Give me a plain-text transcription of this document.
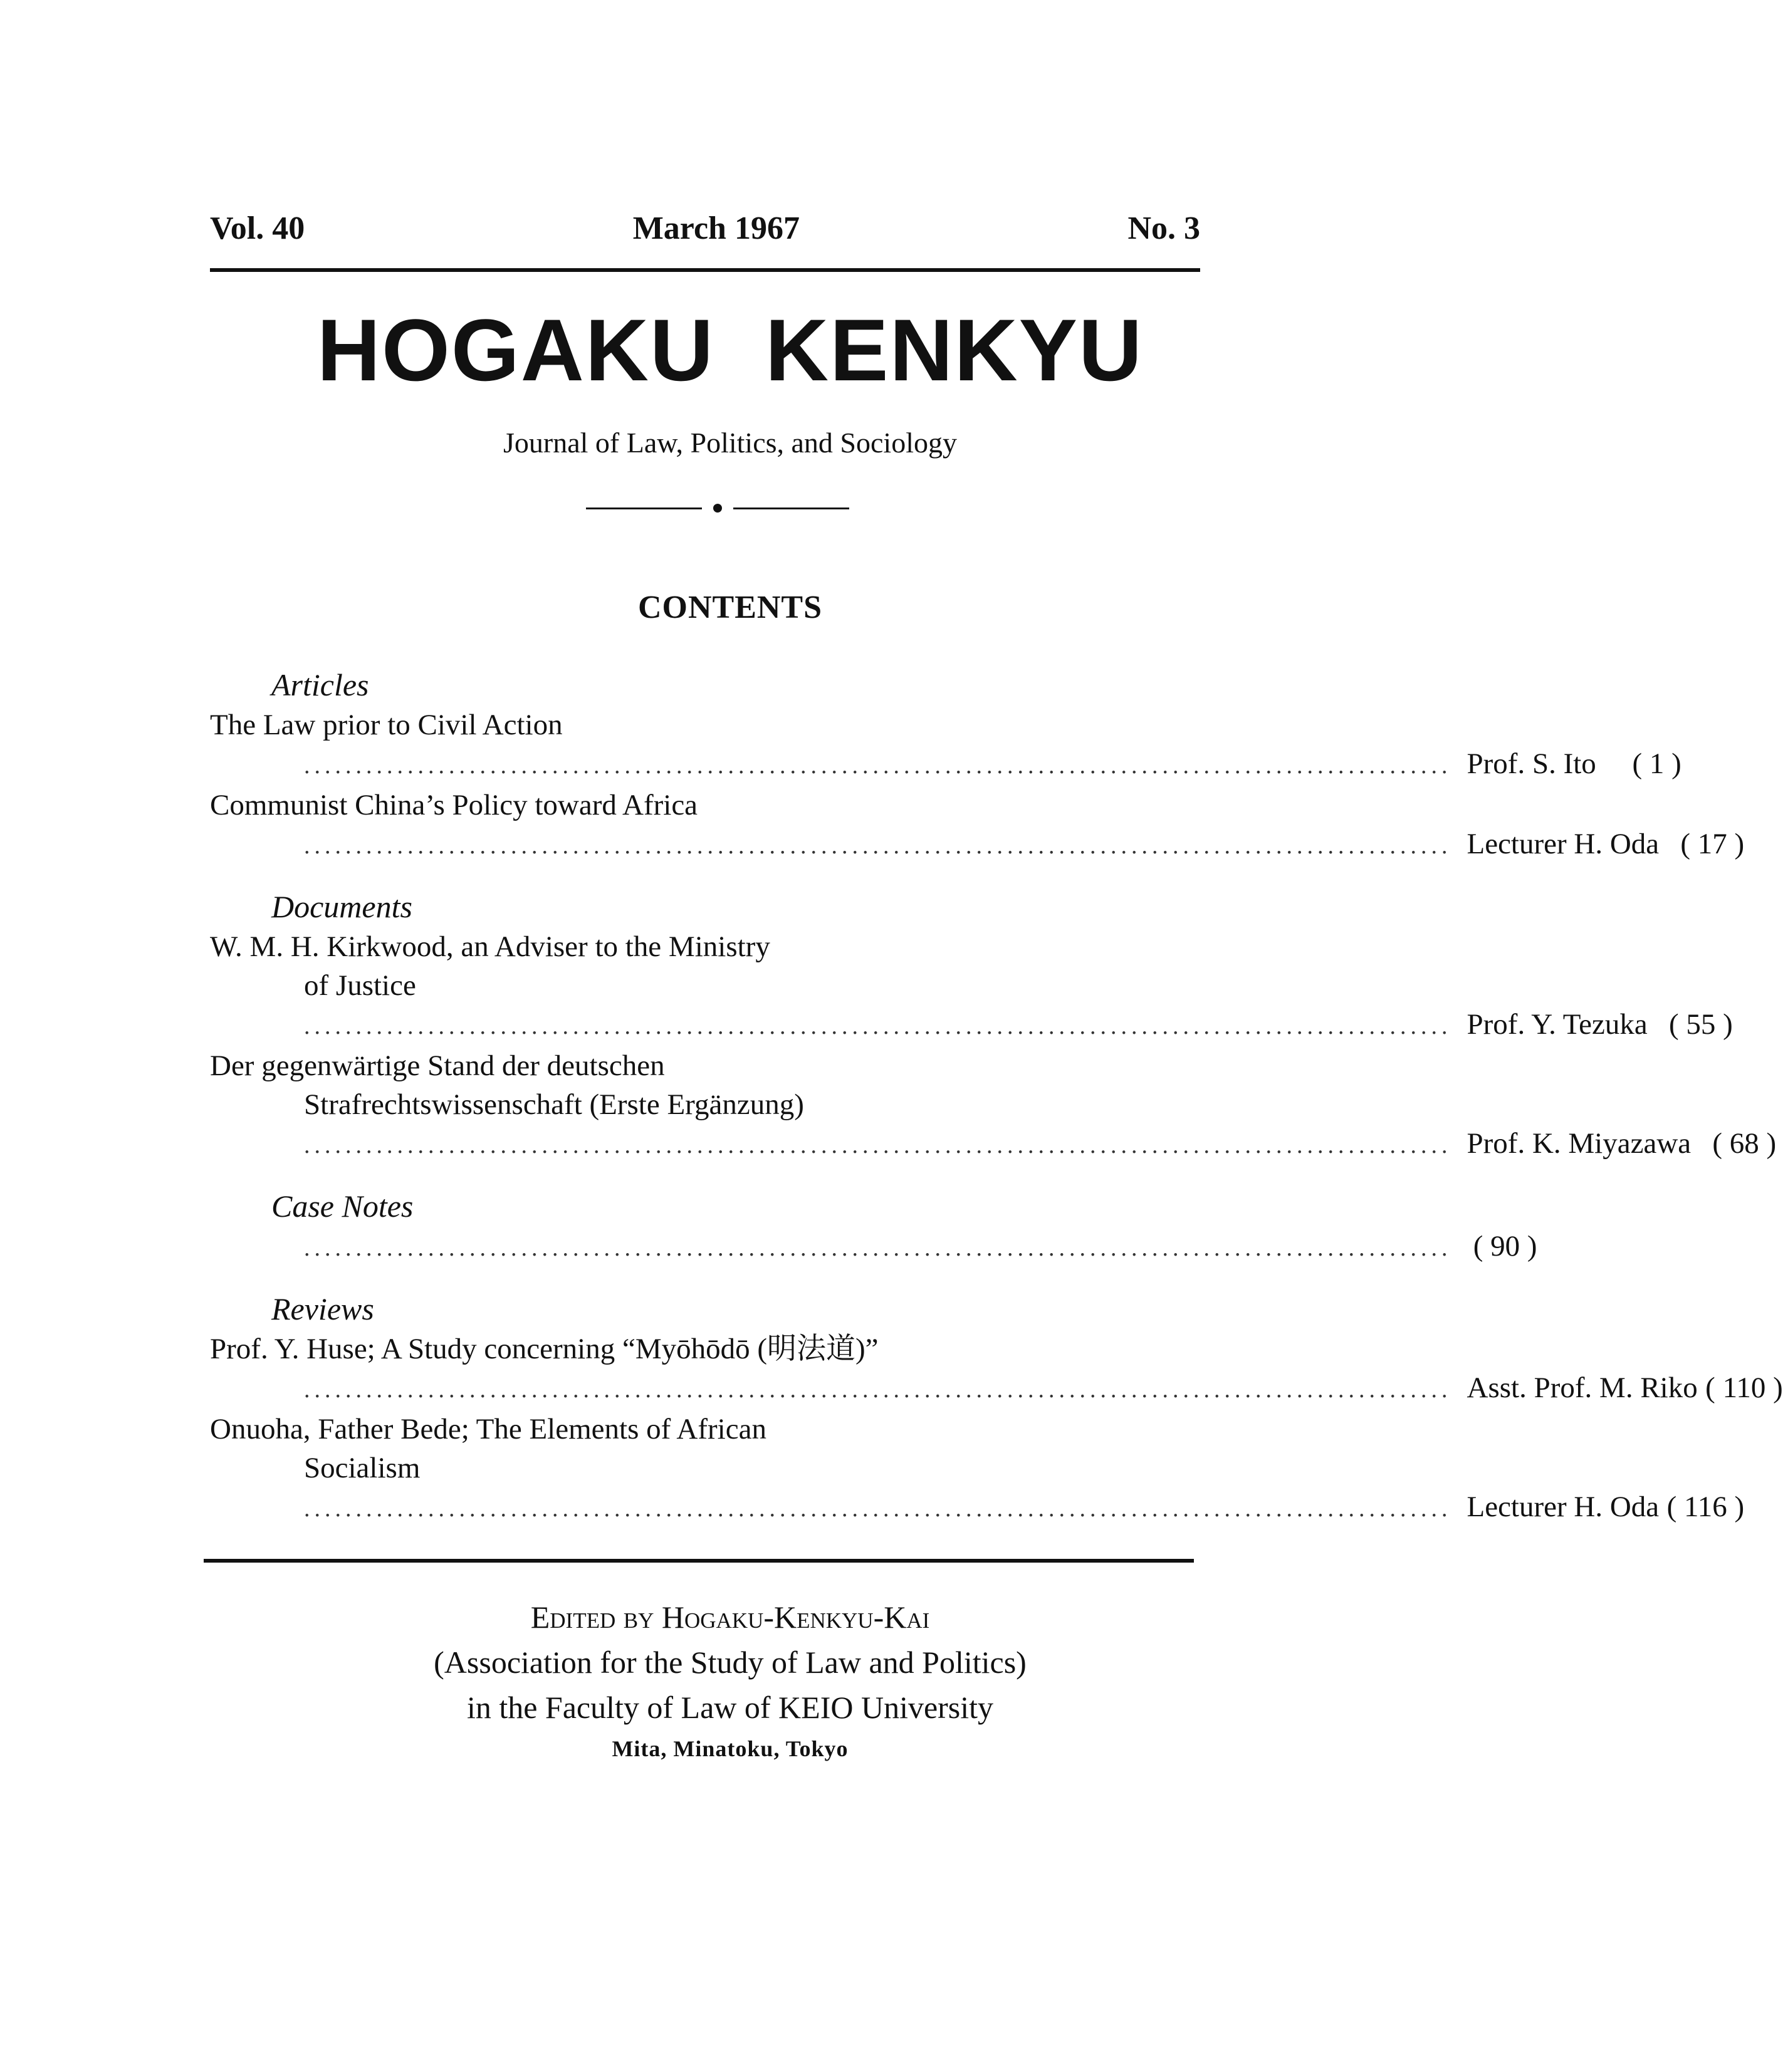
Vol. 40	March 1967	No. 3
HOGAKU KENKYU
Journal of Law, Politics, and Sociology
CONTENTS
Articles
The Law prior to Civil Action
............................................................................................................... Prof. S. Ito	( 1 )
Communist China’s Policy toward Africa
............................................................................................................... Lecturer H. Oda ( 17 )
Documents
W. M. H. Kirkwood, an Adviser to the Ministry
of Justice
............................................................................................................... Prof. Y. Tezuka ( 55 )
Der gegenwärtige Stand der deutschen
Strafrechtswissenschaft (Erste Ergänzung)
............................................................................................................... Prof. K. Miyazawa ( 68 )
Case Notes
............................................................................................................... ( 90 )
Reviews
Prof. Y. Huse; A Study concerning “Myōhōdō (明法道)”
............................................................................................................... Asst. Prof. M. Riko ( 110 )
Onuoha, Father Bede; The Elements of African
Socialism
............................................................................................................... Lecturer H. Oda ( 116 )
Edited by Hogaku-Kenkyu-Kai
(Association for the Study of Law and Politics)
in the Faculty of Law of KEIO University
Mita, Minatoku, Tokyo
